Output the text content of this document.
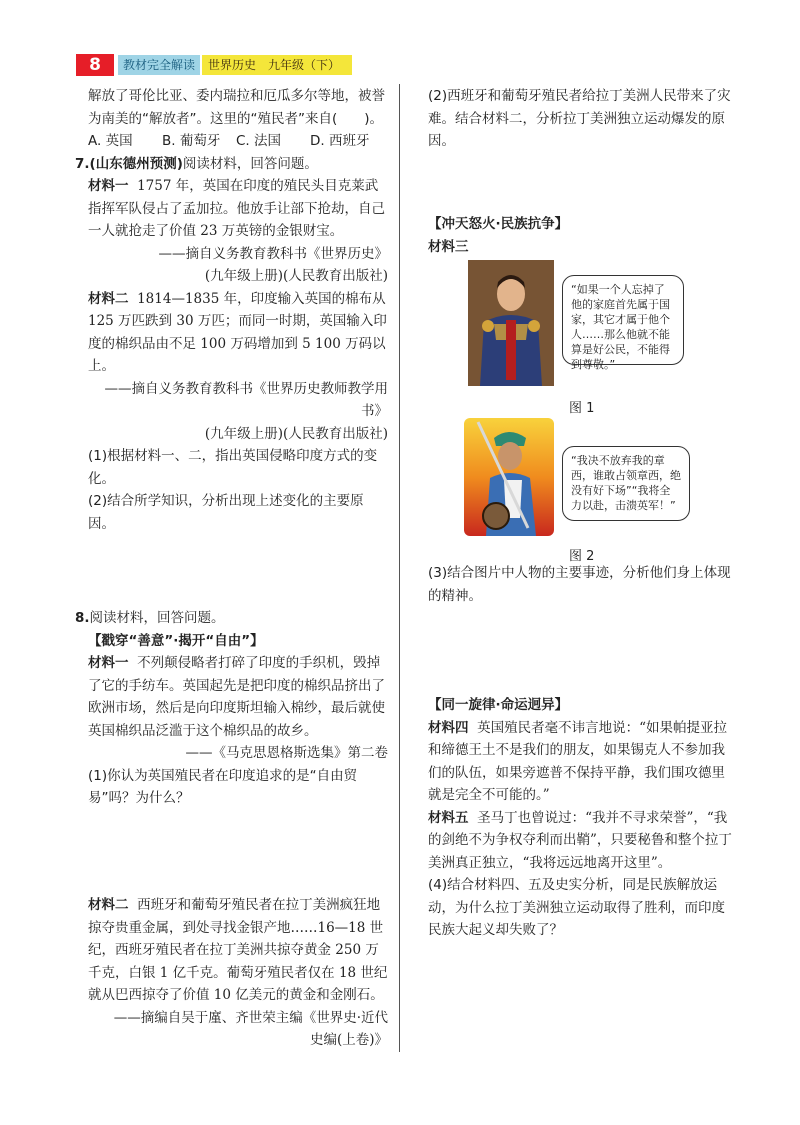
8	教材完全解读	世界历史　九年级（下）

解放了哥伦比亚、委内瑞拉和厄瓜多尔等地，被誉为南美的“解放者”。这里的“殖民者”来自(　　)。

A. 英国 B. 葡萄牙 C. 法国 D. 西班牙

7.(山东德州预测)阅读材料，回答问题。

材料一 1757 年，英国在印度的殖民头目克莱武指挥军队侵占了孟加拉。他放手让部下抢劫，自己一人就抢走了价值 23 万英镑的金银财宝。

——摘自义务教育教科书《世界历史》

(九年级上册)(人民教育出版社)

材料二 1814—1835 年，印度输入英国的棉布从 125 万匹跌到 30 万匹；而同一时期，英国输入印度的棉织品由不足 100 万码增加到 5 100 万码以上。

——摘自义务教育教科书《世界历史教师教学用书》

(九年级上册)(人民教育出版社)

(1)根据材料一、二，指出英国侵略印度方式的变化。

(2)结合所学知识，分析出现上述变化的主要原因。

8.阅读材料，回答问题。

【戳穿“善意”·揭开“自由”】

材料一 不列颠侵略者打碎了印度的手织机，毁掉了它的手纺车。英国起先是把印度的棉织品挤出了欧洲市场，然后是向印度斯坦输入棉纱，最后就使英国棉织品泛滥于这个棉织品的故乡。

——《马克思恩格斯选集》第二卷

(1)你认为英国殖民者在印度追求的是“自由贸易”吗？为什么？

材料二 西班牙和葡萄牙殖民者在拉丁美洲疯狂地掠夺贵重金属，到处寻找金银产地……16—18 世纪，西班牙殖民者在拉丁美洲共掠夺黄金 250 万千克，白银 1 亿千克。葡萄牙殖民者仅在 18 世纪就从巴西掠夺了价值 10 亿美元的黄金和金刚石。

——摘编自吴于廑、齐世荣主编《世界史·近代

史编(上卷)》

(2)西班牙和葡萄牙殖民者给拉丁美洲人民带来了灾难。结合材料二，分析拉丁美洲独立运动爆发的原因。

【冲天怒火·民族抗争】

材料三

“如果一个人忘掉了他的家庭首先属于国家，其它才属于他个人……那么他就不能算是好公民，不能得到尊敬。”
图 1
“我决不放弃我的章西，谁敢占领章西，绝没有好下场”“我将全力以赴，击溃英军！”
图 2

(3)结合图片中人物的主要事迹，分析他们身上体现的精神。

【同一旋律·命运迥异】

材料四 英国殖民者毫不讳言地说：“如果帕提亚拉和缔德王土不是我们的朋友，如果锡克人不参加我们的队伍，如果旁遮普不保持平静，我们围攻德里就是完全不可能的。”

材料五 圣马丁也曾说过：“我并不寻求荣誉”，“我的剑绝不为争权夺利而出鞘”，只要秘鲁和整个拉丁美洲真正独立，“我将远远地离开这里”。

(4)结合材料四、五及史实分析，同是民族解放运动，为什么拉丁美洲独立运动取得了胜利，而印度民族大起义却失败了？
